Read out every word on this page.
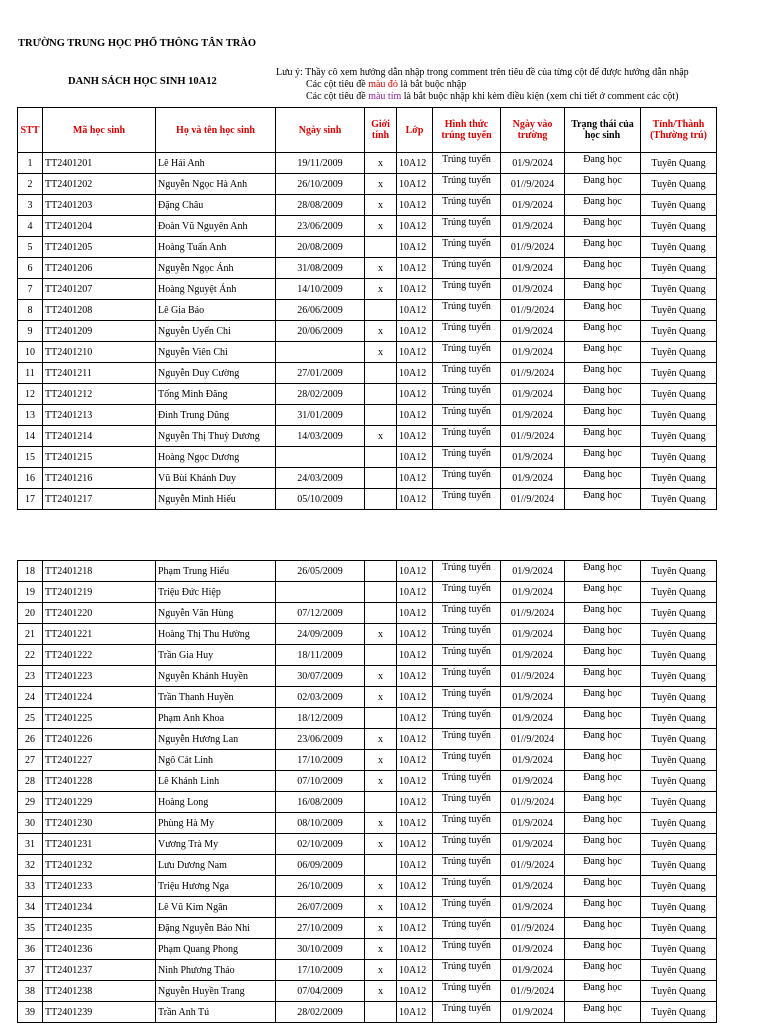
TRƯỜNG TRUNG HỌC PHỔ THÔNG TÂN TRÀO
DANH SÁCH HỌC SINH 10A12
Lưu ý: Thầy cô xem hướng dẫn nhập trong comment trên tiêu đề của từng cột để được hướng dẫn nhập
Các cột tiêu đề màu đỏ là bắt buộc nhập
Các cột tiêu đề màu tím là bắt buộc nhập khi kèm điều kiện (xem chi tiết ở comment các cột)
STT	Mã học sinh	Họ và tên học sinh	Ngày sinh	Giới tính	Lớp	Hình thức trúng tuyển	Ngày vào trường	Trạng thái của học sinh	Tỉnh/Thành (Thường trú)
1	TT2401201	Lê Hải Anh	19/11/2009	x	10A12	Trúng tuyển	01/9/2024	Đang học	Tuyên Quang
2	TT2401202	Nguyễn Ngọc Hà Anh	26/10/2009	x	10A12	Trúng tuyển	01//9/2024	Đang học	Tuyên Quang
3	TT2401203	Đặng Châu	28/08/2009	x	10A12	Trúng tuyển	01/9/2024	Đang học	Tuyên Quang
4	TT2401204	Đoàn Vũ Nguyên Anh	23/06/2009	x	10A12	Trúng tuyển	01/9/2024	Đang học	Tuyên Quang
5	TT2401205	Hoàng Tuấn Anh	20/08/2009		10A12	Trúng tuyển	01//9/2024	Đang học	Tuyên Quang
6	TT2401206	Nguyễn Ngọc Ánh	31/08/2009	x	10A12	Trúng tuyển	01/9/2024	Đang học	Tuyên Quang
7	TT2401207	Hoàng Nguyệt Ánh	14/10/2009	x	10A12	Trúng tuyển	01/9/2024	Đang học	Tuyên Quang
8	TT2401208	Lê Gia Bảo	26/06/2009		10A12	Trúng tuyển	01//9/2024	Đang học	Tuyên Quang
9	TT2401209	Nguyễn Uyển Chi	20/06/2009	x	10A12	Trúng tuyển	01/9/2024	Đang học	Tuyên Quang
10	TT2401210	Nguyễn Viên Chi		x	10A12	Trúng tuyển	01/9/2024	Đang học	Tuyên Quang
11	TT2401211	Nguyễn Duy Cường	27/01/2009		10A12	Trúng tuyển	01//9/2024	Đang học	Tuyên Quang
12	TT2401212	Tống Minh Đăng	28/02/2009		10A12	Trúng tuyển	01/9/2024	Đang học	Tuyên Quang
13	TT2401213	Đinh Trung Dũng	31/01/2009		10A12	Trúng tuyển	01/9/2024	Đang học	Tuyên Quang
14	TT2401214	Nguyễn Thị Thuỳ Dương	14/03/2009	x	10A12	Trúng tuyển	01//9/2024	Đang học	Tuyên Quang
15	TT2401215	Hoàng Ngọc Dương			10A12	Trúng tuyển	01/9/2024	Đang học	Tuyên Quang
16	TT2401216	Vũ Bùi Khánh Duy	24/03/2009		10A12	Trúng tuyển	01/9/2024	Đang học	Tuyên Quang
17	TT2401217	Nguyễn Minh Hiếu	05/10/2009		10A12	Trúng tuyển	01//9/2024	Đang học	Tuyên Quang
18	TT2401218	Phạm Trung Hiếu	26/05/2009		10A12	Trúng tuyển	01/9/2024	Đang học	Tuyên Quang
19	TT2401219	Triệu Đức Hiệp			10A12	Trúng tuyển	01/9/2024	Đang học	Tuyên Quang
20	TT2401220	Nguyễn Văn Hùng	07/12/2009		10A12	Trúng tuyển	01//9/2024	Đang học	Tuyên Quang
21	TT2401221	Hoàng Thị Thu Hường	24/09/2009	x	10A12	Trúng tuyển	01/9/2024	Đang học	Tuyên Quang
22	TT2401222	Trần Gia Huy	18/11/2009		10A12	Trúng tuyển	01/9/2024	Đang học	Tuyên Quang
23	TT2401223	Nguyễn Khánh Huyền	30/07/2009	x	10A12	Trúng tuyển	01//9/2024	Đang học	Tuyên Quang
24	TT2401224	Trần Thanh Huyền	02/03/2009	x	10A12	Trúng tuyển	01/9/2024	Đang học	Tuyên Quang
25	TT2401225	Phạm Anh Khoa	18/12/2009		10A12	Trúng tuyển	01/9/2024	Đang học	Tuyên Quang
26	TT2401226	Nguyễn Hương Lan	23/06/2009	x	10A12	Trúng tuyển	01//9/2024	Đang học	Tuyên Quang
27	TT2401227	Ngô Cát Linh	17/10/2009	x	10A12	Trúng tuyển	01/9/2024	Đang học	Tuyên Quang
28	TT2401228	Lê Khánh Linh	07/10/2009	x	10A12	Trúng tuyển	01/9/2024	Đang học	Tuyên Quang
29	TT2401229	Hoàng Long	16/08/2009		10A12	Trúng tuyển	01//9/2024	Đang học	Tuyên Quang
30	TT2401230	Phùng Hà My	08/10/2009	x	10A12	Trúng tuyển	01/9/2024	Đang học	Tuyên Quang
31	TT2401231	Vương Trà My	02/10/2009	x	10A12	Trúng tuyển	01/9/2024	Đang học	Tuyên Quang
32	TT2401232	Lưu Dương Nam	06/09/2009		10A12	Trúng tuyển	01//9/2024	Đang học	Tuyên Quang
33	TT2401233	Triệu Hương Nga	26/10/2009	x	10A12	Trúng tuyển	01/9/2024	Đang học	Tuyên Quang
34	TT2401234	Lê Vũ Kim Ngân	26/07/2009	x	10A12	Trúng tuyển	01/9/2024	Đang học	Tuyên Quang
35	TT2401235	Đặng Nguyễn Bảo Nhi	27/10/2009	x	10A12	Trúng tuyển	01//9/2024	Đang học	Tuyên Quang
36	TT2401236	Phạm Quang Phong	30/10/2009	x	10A12	Trúng tuyển	01/9/2024	Đang học	Tuyên Quang
37	TT2401237	Ninh Phương Thảo	17/10/2009	x	10A12	Trúng tuyển	01/9/2024	Đang học	Tuyên Quang
38	TT2401238	Nguyễn Huyền Trang	07/04/2009	x	10A12	Trúng tuyển	01//9/2024	Đang học	Tuyên Quang
39	TT2401239	Trần Anh Tú	28/02/2009		10A12	Trúng tuyển	01/9/2024	Đang học	Tuyên Quang
